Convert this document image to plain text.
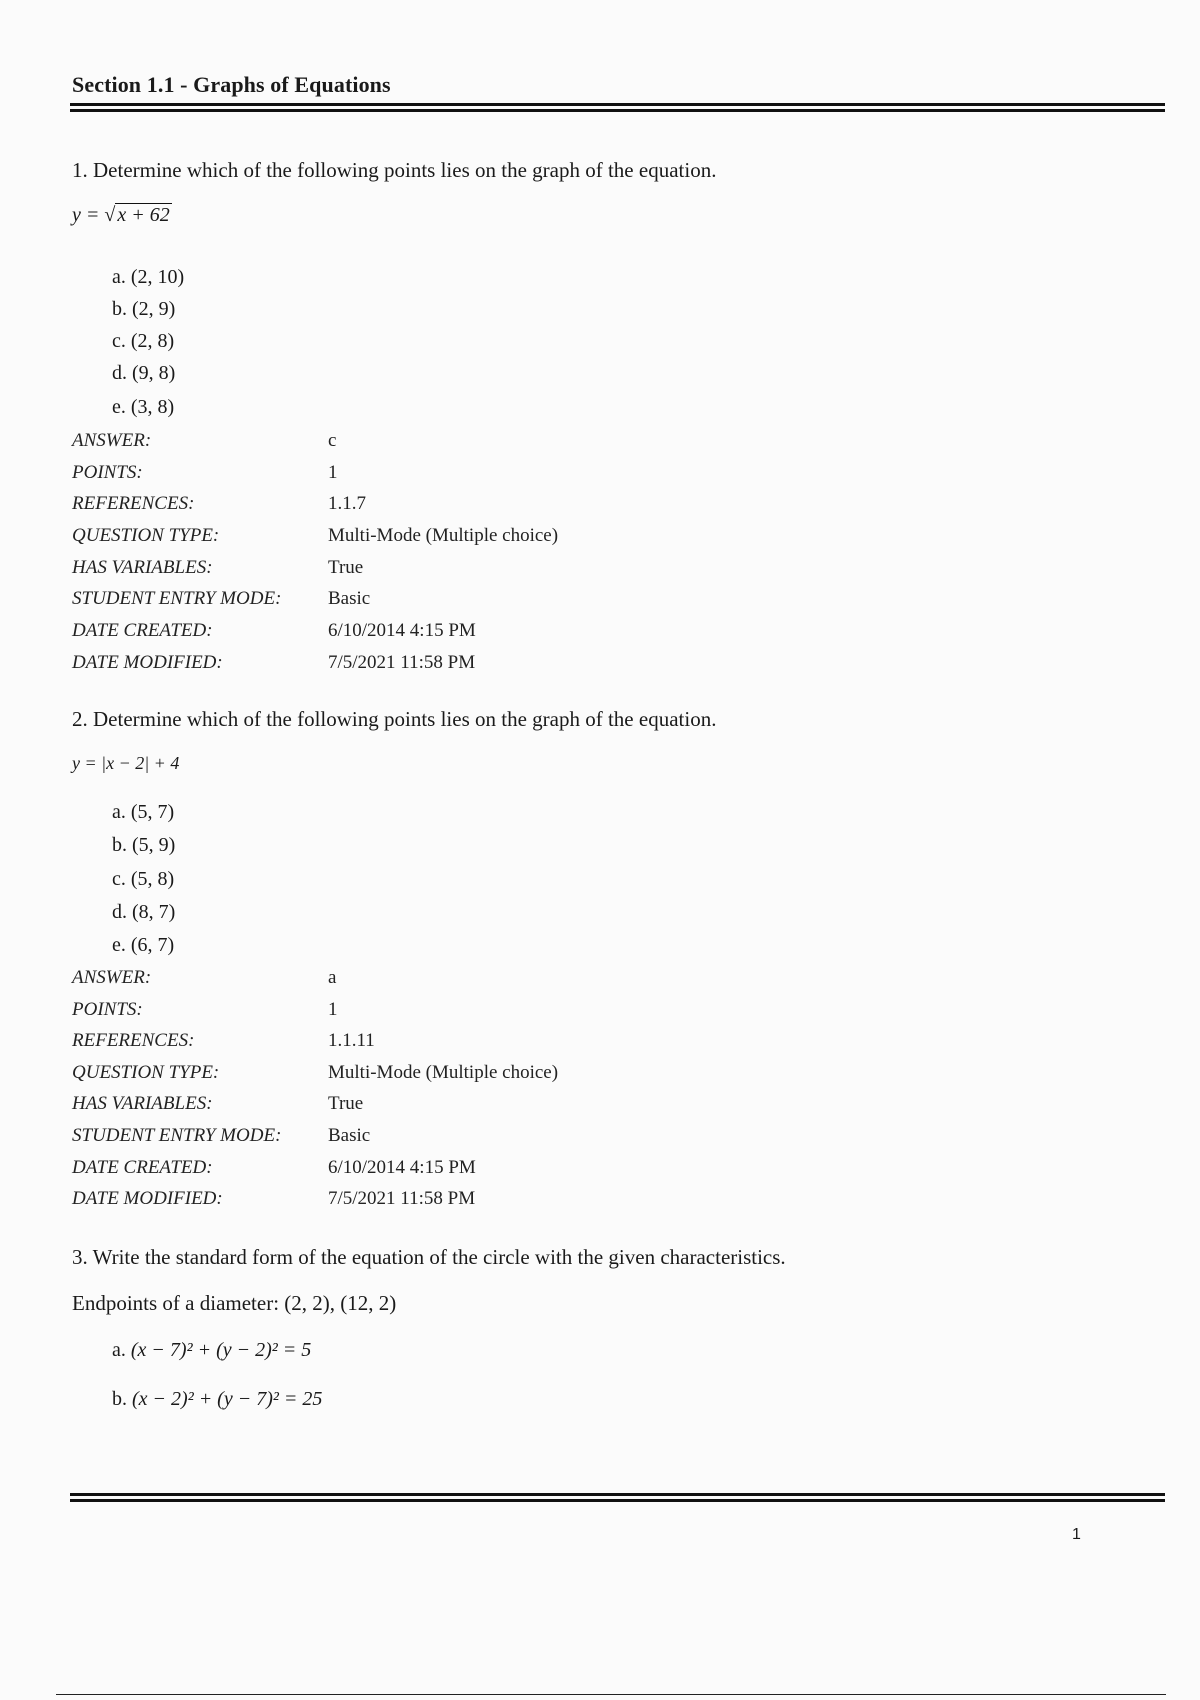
Section 1.1 - Graphs of Equations
1. Determine which of the following points lies on the graph of the equation.
y = √ x + 62
a. (2, 10)
b. (2, 9)
c. (2, 8)
d. (9, 8)
e. (3, 8)
ANSWER:	c
POINTS:	1
REFERENCES:	1.1.7
QUESTION TYPE:	Multi-Mode (Multiple choice)
HAS VARIABLES:	True
STUDENT ENTRY MODE: Basic
DATE CREATED:	6/10/2014 4:15 PM
DATE MODIFIED:	7/5/2021 11:58 PM
2. Determine which of the following points lies on the graph of the equation.
y = |x − 2| + 4
a. (5, 7)
b. (5, 9)
c. (5, 8)
d. (8, 7)
e. (6, 7)
ANSWER:	a
POINTS:	1
REFERENCES:	1.1.11
QUESTION TYPE:	Multi-Mode (Multiple choice)
HAS VARIABLES:	True
STUDENT ENTRY MODE: Basic
DATE CREATED:	6/10/2014 4:15 PM
DATE MODIFIED:	7/5/2021 11:58 PM
3. Write the standard form of the equation of the circle with the given characteristics.
Endpoints of a diameter: (2, 2), (12, 2)
a. (x − 7)² + (y − 2)² = 5
b. (x − 2)² + (y − 7)² = 25
1
